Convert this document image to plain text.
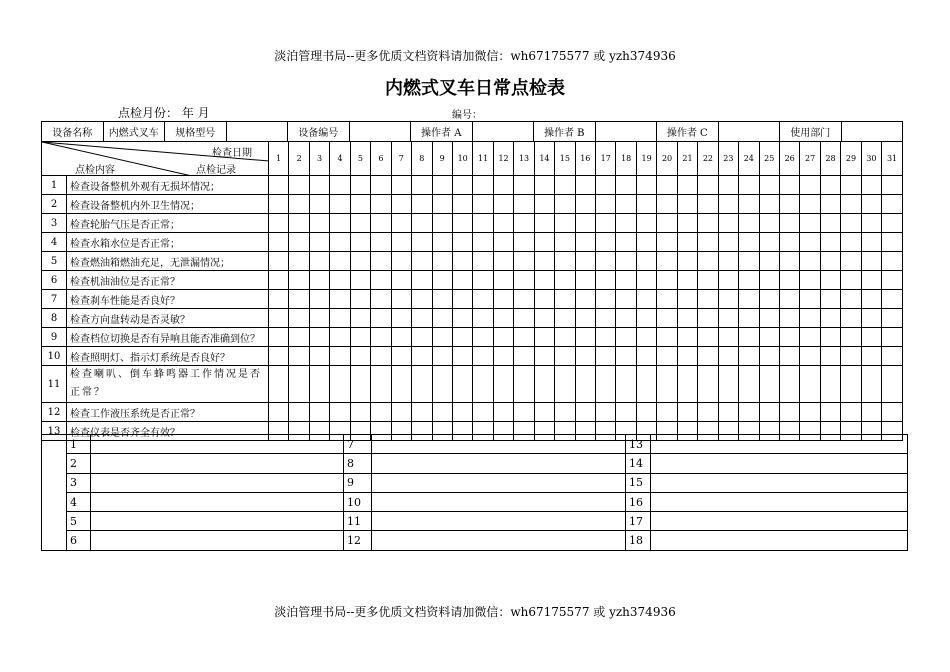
淡泊管理书局--更多优质文档资料请加微信：wh67175577 或 yzh374936
内燃式叉车日常点检表
点检月份： 年 月	编号：
设备名称	内燃式叉车	规格型号		设备编号		操作者 A		操作者 B		操作者 C		使用部门	
检查日期
点检内容 点检记录		1	2	3	4	5	6	7	8	9	10	11	12	13	14	15	16	17	18	19	20	21	22	23	24	25	26	27	28	29	30	31
1	检查设备整机外观有无损坏情况；																															
2	检查设备整机内外卫生情况；																															
3	检查轮胎气压是否正常；																															
4	检查水箱水位是否正常；																															
5	检查燃油箱燃油充足，无泄漏情况；																															
6	检查机油油位是否正常？																															
7	检查刹车性能是否良好？																															
8	检查方向盘转动是否灵敏？																															
9	检查档位切换是否有异响且能否准确到位？																															
10	检查照明灯、指示灯系统是否良好？																															
11	检查喇叭、倒车蜂鸣器工作情况是否正常？																															
12	检查工作液压系统是否正常？																															
13	检查仪表是否齐全有效？																															
	1		7		13	
	2		8		14	
	3		9		15	
	4		10		16	
	5		11		17	
	6		12		18	
淡泊管理书局--更多优质文档资料请加微信：wh67175577 或 yzh374936
